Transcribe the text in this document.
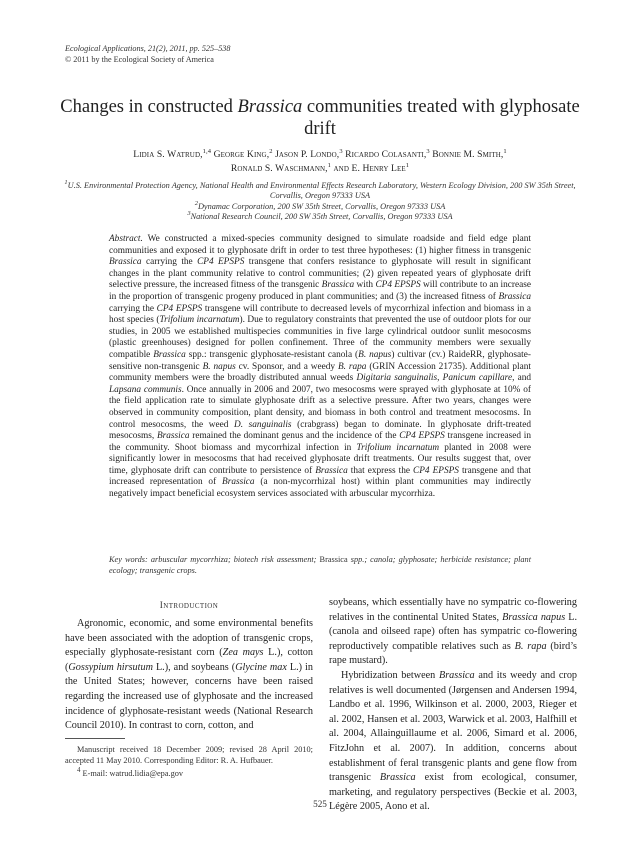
Ecological Applications, 21(2), 2011, pp. 525–538
© 2011 by the Ecological Society of America
Changes in constructed Brassica communities treated with glyphosate drift
Lidia S. Watrud,$^{1,4}$ George King,$^2$ Jason P. Londo,$^3$ Ricardo Colasanti,$^3$ Bonnie M. Smith,$^1$
Ronald S. Waschmann,$^1$ and E. Henry Lee$^1$
$^1$U.S. Environmental Protection Agency, National Health and Environmental Effects Research Laboratory, Western Ecology Division, 200 SW 35th Street, Corvallis, Oregon 97333 USA
$^2$Dynamac Corporation, 200 SW 35th Street, Corvallis, Oregon 97333 USA
$^3$National Research Council, 200 SW 35th Street, Corvallis, Oregon 97333 USA
Abstract. We constructed a mixed-species community designed to simulate roadside and field edge plant communities and exposed it to glyphosate drift in order to test three hypotheses: (1) higher fitness in transgenic Brassica carrying the CP4 EPSPS transgene that confers resistance to glyphosate will result in significant changes in the plant community relative to control communities; (2) given repeated years of glyphosate drift selective pressure, the increased fitness of the transgenic Brassica with CP4 EPSPS will contribute to an increase in the proportion of transgenic progeny produced in plant communities; and (3) the increased fitness of Brassica carrying the CP4 EPSPS transgene will contribute to decreased levels of mycorrhizal infection and biomass in a host species (Trifolium incarnatum). Due to regulatory constraints that prevented the use of outdoor plots for our studies, in 2005 we established multispecies communities in five large cylindrical outdoor sunlit mesocosms (plastic greenhouses) designed for pollen confinement. Three of the community members were sexually compatible Brassica spp.: transgenic glyphosate-resistant canola (B. napus) cultivar (cv.) RaideRR, glyphosate-sensitive non-transgenic B. napus cv. Sponsor, and a weedy B. rapa (GRIN Accession 21735). Additional plant community members were the broadly distributed annual weeds Digitaria sanguinalis, Panicum capillare, and Lapsana communis. Once annually in 2006 and 2007, two mesocosms were sprayed with glyphosate at 10% of the field application rate to simulate glyphosate drift as a selective pressure. After two years, changes were observed in community composition, plant density, and biomass in both control and treatment mesocosms. In control mesocosms, the weed D. sanguinalis (crabgrass) began to dominate. In glyphosate drift-treated mesocosms, Brassica remained the dominant genus and the incidence of the CP4 EPSPS transgene increased in the community. Shoot biomass and mycorrhizal infection in Trifolium incarnatum planted in 2008 were significantly lower in mesocosms that had received glyphosate drift treatments. Our results suggest that, over time, glyphosate drift can contribute to persistence of Brassica that express the CP4 EPSPS transgene and that increased representation of Brassica (a non-mycorrhizal host) within plant communities may indirectly negatively impact beneficial ecosystem services associated with arbuscular mycorrhiza.
Key words: arbuscular mycorrhiza; biotech risk assessment; Brassica spp.; canola; glyphosate; herbicide resistance; plant ecology; transgenic crops.
Introduction

Agronomic, economic, and some environmental benefits have been associated with the adoption of transgenic crops, especially glyphosate-resistant corn (Zea mays L.), cotton (Gossypium hirsutum L.), and soybeans (Glycine max L.) in the United States; however, concerns have been raised regarding the increased use of glyphosate and the increased incidence of glyphosate-resistant weeds (National Research Council 2010). In contrast to corn, cotton, and

soybeans, which essentially have no sympatric co-flowering relatives in the continental United States, Brassica napus L. (canola and oilseed rape) often has sympatric co-flowering reproductively compatible relatives such as B. rapa (bird’s rape mustard).

Hybridization between Brassica and its weedy and crop relatives is well documented (Jørgensen and Andersen 1994, Landbo et al. 1996, Wilkinson et al. 2000, 2003, Rieger et al. 2002, Hansen et al. 2003, Warwick et al. 2003, Halfhill et al. 2004, Allainguillaume et al. 2006, Simard et al. 2006, FitzJohn et al. 2007). In addition, concerns about establishment of feral transgenic plants and gene flow from transgenic Brassica exist from ecological, consumer, marketing, and regulatory perspectives (Beckie et al. 2003, Légère 2005, Aono et al.

Manuscript received 18 December 2009; revised 28 April 2010; accepted 11 May 2010. Corresponding Editor: R. A. Hufbauer.

$^4$ E-mail: watrud.lidia@epa.gov

525
